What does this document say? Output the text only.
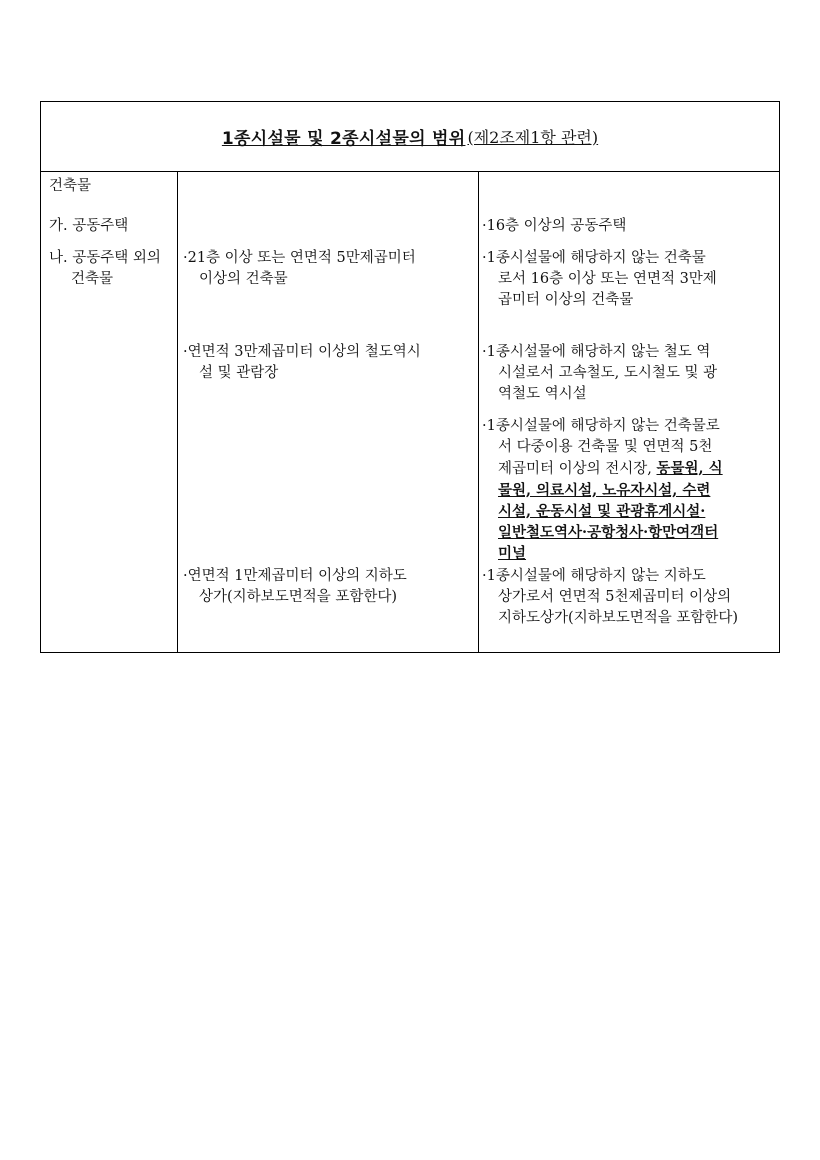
1종시설물 및 2종시설물의 범위 (제2조제1항 관련)
건축물
가. 공동주택
나. 공동주택 외의
건축물
·21층 이상 또는 연면적 5만제곱미터
이상의 건축물
·연면적 3만제곱미터 이상의 철도역시
설 및 관람장
·연면적 1만제곱미터 이상의 지하도
상가(지하보도면적을 포함한다)
·16층 이상의 공동주택
·1종시설물에 해당하지 않는 건축물
로서 16층 이상 또는 연면적 3만제
곱미터 이상의 건축물
·1종시설물에 해당하지 않는 철도 역
시설로서 고속철도, 도시철도 및 광
역철도 역시설
·1종시설물에 해당하지 않는 건축물로
서 다중이용 건축물 및 연면적 5천
제곱미터 이상의 전시장, 동물원, 식
물원, 의료시설, 노유자시설, 수련
시설, 운동시설 및 관광휴게시설·
일반철도역사·공항청사·항만여객터
미널
·1종시설물에 해당하지 않는 지하도
상가로서 연면적 5천제곱미터 이상의
지하도상가(지하보도면적을 포함한다)
